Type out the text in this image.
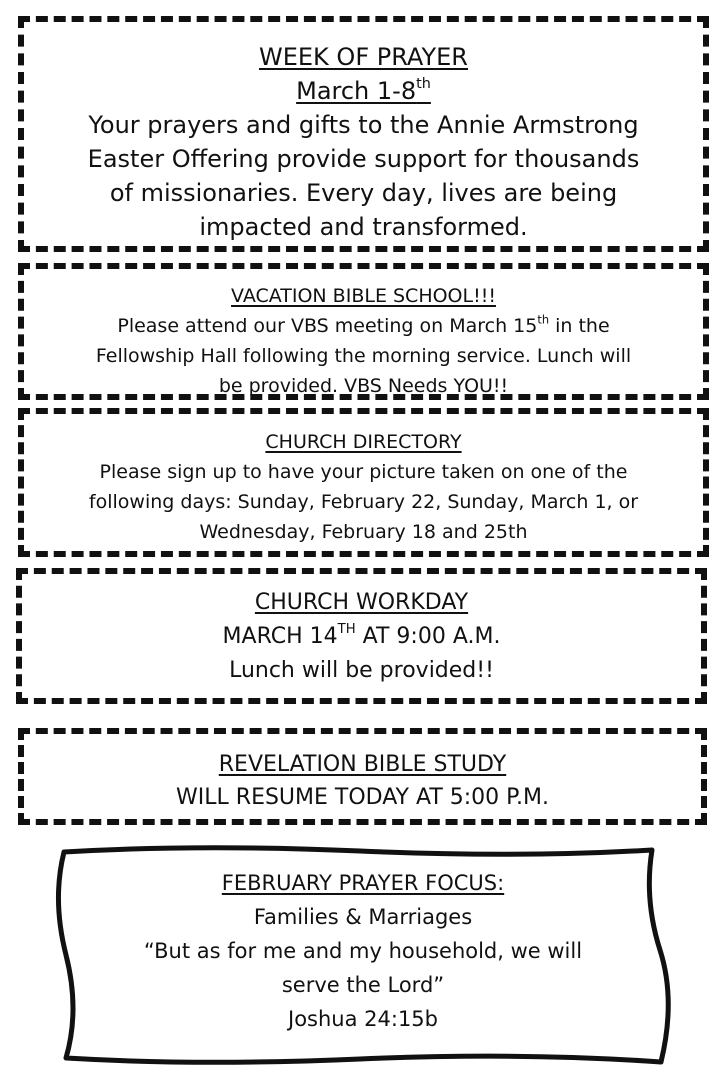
WEEK OF PRAYER
March 1-8th
Your prayers and gifts to the Annie Armstrong
Easter Offering provide support for thousands
of missionaries. Every day, lives are being
impacted and transformed.
VACATION BIBLE SCHOOL!!!
Please attend our VBS meeting on March 15th in the
Fellowship Hall following the morning service. Lunch will
be provided. VBS Needs YOU!!
CHURCH DIRECTORY
Please sign up to have your picture taken on one of the
following days: Sunday, February 22, Sunday, March 1, or
Wednesday, February 18 and 25th
CHURCH WORKDAY
MARCH 14TH AT 9:00 A.M.
Lunch will be provided!!
REVELATION BIBLE STUDY
WILL RESUME TODAY AT 5:00 P.M.
FEBRUARY PRAYER FOCUS:
Families & Marriages
“But as for me and my household, we will
serve the Lord”
Joshua 24:15b
